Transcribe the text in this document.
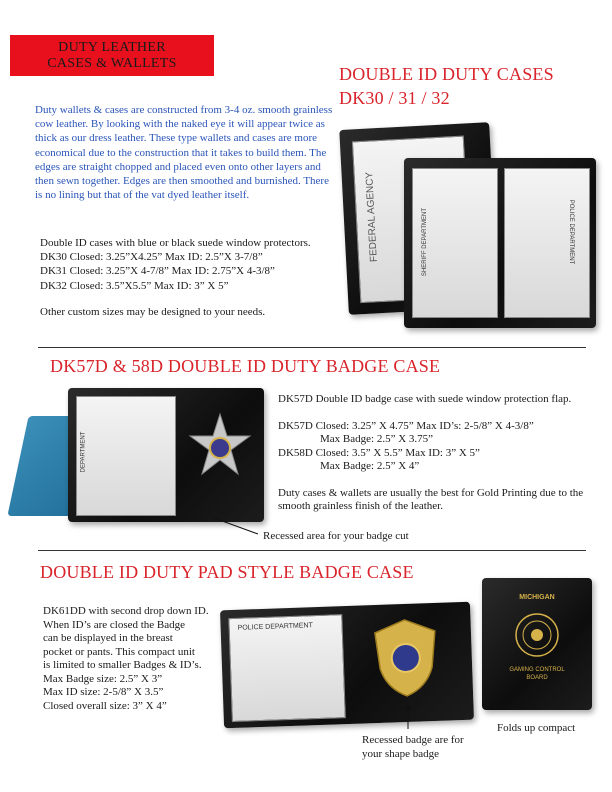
DUTY LEATHER
CASES & WALLETS
DOUBLE ID DUTY CASES
DK30 / 31 / 32
Duty wallets & cases are constructed from 3-4 oz. smooth grainless cow leather. By looking with the naked eye it will appear twice as thick as our dress leather. These type wallets and cases are more economical due to the construction that it takes to build them. The edges are straight chopped and placed even onto other layers and then sewn together. Edges are then smoothed and burnished. There is no lining but that of the vat dyed leather itself.
Double ID cases with blue or black suede window protectors.
DK30 Closed: 3.25”X4.25” Max ID: 2.5”X 3-7/8”
DK31 Closed: 3.25”X 4-7/8” Max ID: 2.75”X 4-3/8”
DK32 Closed: 3.5”X5.5” Max ID: 3” X 5”
Other custom sizes may be designed to your needs.
FEDERAL AGENCY	SHERIFF DEPARTMENT	POLICE DEPARTMENT
DK57D & 58D DOUBLE ID DUTY BADGE CASE
DEPARTMENT
DK57D Double ID badge case with suede window protection flap.
DK57D Closed: 3.25” X 4.75” Max ID’s: 2-5/8” X 4-3/8”
Max Badge: 2.5” X 3.75”
DK58D Closed: 3.5” X 5.5” Max ID: 3” X 5”
Max Badge: 2.5” X 4”
Duty cases & wallets are usually the best for Gold Printing due to the smooth grainless finish of the leather.
Recessed area for your badge cut
DOUBLE ID DUTY PAD STYLE BADGE CASE
DK61DD with second drop down ID.
When ID’s are closed the Badge
can be displayed in the breast
pocket or pants. This compact unit
is limited to smaller Badges & ID’s.
Max Badge size: 2.5” X 3”
Max ID size: 2-5/8” X 3.5”
Closed overall size: 3” X 4”
POLICE DEPARTMENT
MICHIGAN
GAMING CONTROL
BOARD
Recessed badge are for
your shape badge
Folds up compact
